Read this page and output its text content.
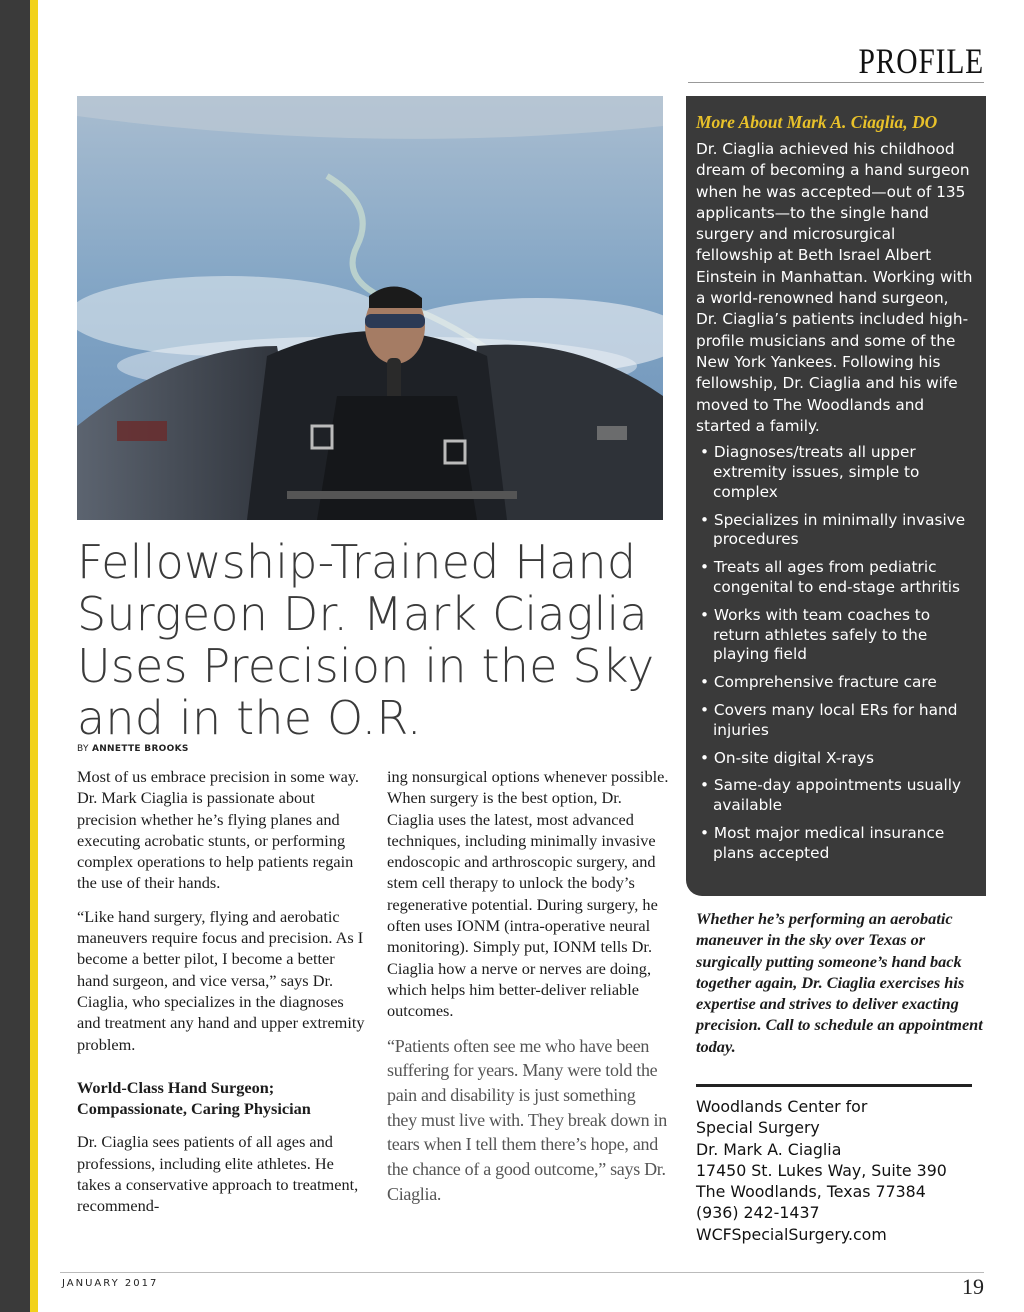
PROFILE
Fellowship-Trained Hand Surgeon Dr. Mark Ciaglia Uses Precision in the Sky and in the O.R.
BY ANNETTE BROOKS

Most of us embrace precision in some way. Dr. Mark Ciaglia is passionate about precision whether he’s flying planes and executing acrobatic stunts, or performing complex operations to help patients regain the use of their hands.

“Like hand surgery, flying and aerobatic maneuvers require focus and precision. As I become a better pilot, I become a better hand surgeon, and vice versa,” says Dr. Ciaglia, who specializes in the diagnoses and treatment any hand and upper extremity problem.

World-Class Hand Surgeon; Compassionate, Caring Physician

Dr. Ciaglia sees patients of all ages and professions, including elite athletes. He takes a conservative approach to treatment, recommend-

ing nonsurgical options whenever possible. When surgery is the best option, Dr. Ciaglia uses the latest, most advanced techniques, including minimally invasive endoscopic and arthroscopic surgery, and stem cell therapy to unlock the body’s regenerative potential. During surgery, he often uses IONM (intra-operative neural monitoring). Simply put, IONM tells Dr. Ciaglia how a nerve or nerves are doing, which helps him better-deliver reliable outcomes.

“Patients often see me who have been suffering for years. Many were told the pain and disability is just something they must live with. They break down in tears when I tell them there’s hope, and the chance of a good outcome,” says Dr. Ciaglia.

More About Mark A. Ciaglia, DO

Dr. Ciaglia achieved his childhood dream of becoming a hand surgeon when he was accepted—out of 135 applicants—to the single hand surgery and microsurgical fellowship at Beth Israel Albert Einstein in Manhattan. Working with a world-renowned hand surgeon, Dr. Ciaglia’s patients included high-profile musicians and some of the New York Yankees. Following his fellowship, Dr. Ciaglia and his wife moved to The Woodlands and started a family.

• Diagnoses/treats all upper extremity issues, simple to complex
• Specializes in minimally invasive procedures
• Treats all ages from pediatric congenital to end-stage arthritis
• Works with team coaches to return athletes safely to the playing field
• Comprehensive fracture care
• Covers many local ERs for hand injuries
• On-site digital X-rays
• Same-day appointments usually available
• Most major medical insurance plans accepted

Whether he’s performing an aerobatic maneuver in the sky over Texas or surgically putting someone’s hand back together again, Dr. Ciaglia exercises his expertise and strives to deliver exacting precision. Call to schedule an appointment today.

Woodlands Center for
Special Surgery
Dr. Mark A. Ciaglia
17450 St. Lukes Way, Suite 390
The Woodlands, Texas 77384
(936) 242-1437
WCFSpecialSurgery.com
JANUARY 2017	19
